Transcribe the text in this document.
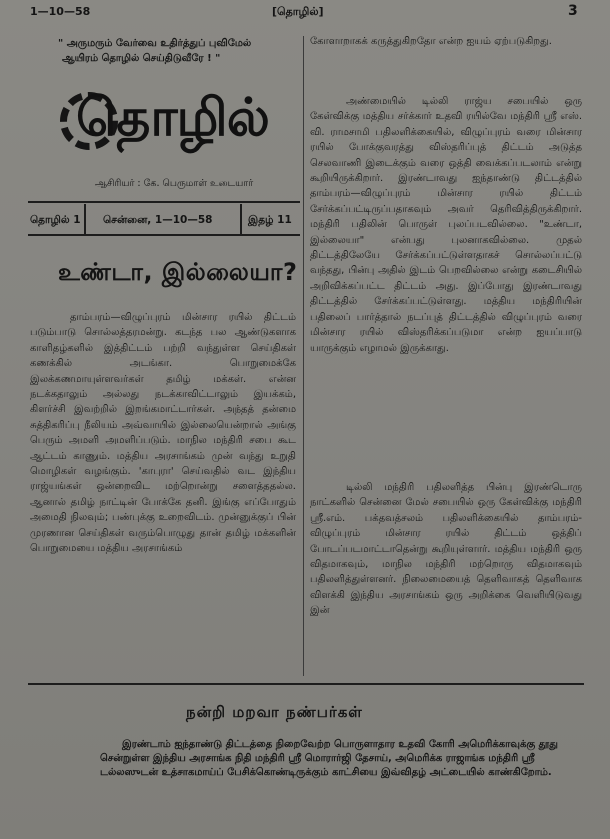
1—10—58	[தொழில்]	3
" அருமரும் வேர்வை உதிர்த்துப் புவிமேல்
ஆயிரம் தொழில் செய்திடுவீரே ! "
தொழில்
ஆசிரியர் : கே. பெருமாள் உடையார்
தொழில் 1 சென்னை, 1—10—58	இதழ் 11
உண்டா, இல்லையா?
தாம்பரம்—விழுப்புரம் மின்சார ரயில் திட்டம் படும்பாடு சொல்லத்தரமன்று. கடந்த பல ஆண்டுகளாக காளிதழ்களில் இத்திட்டம் பற்றி வந்துள்ள செய்திகள் கணக்கில் அடங்கா. பொறுமைக்கே இலக்கணமாயுள்ளவர்கள் தமிழ் மக்கள். என்ன நடக்கதாலும் அல்லது நடக்காவிட்டாலும் இயக்கம், கிளர்ச்சி இவற்றில் இறங்கமாட்டார்கள். அந்தத் தன்மை சுத்திகரிப்பு நீலியம் அவ்வாயில் இல்லையென்றால் அங்கு பெரும் அமளி அமளிப்படும். மாநில மந்திரி சபை கூட ஆட்டம் காணும். மத்திய அரசாங்கம் முன் வந்து உறுதி மொழிகள் வழங்கும். 'காபுரா' செய்வதில் வட இந்திய ராஜ்யங்கள் ஒன்றைவிட மற்றொன்று சளைத்ததல்ல. ஆனால் தமிழ் நாட்டின் போக்கே தனி. இங்கு எப்போதும் அமைதி நிலவும்; பண்புக்கு உறைவிடம். முன்னுக்குப் பின் முரணான செய்திகள் வரும்பொழுது தான் தமிழ் மக்களின் பொறுமையை மத்திய அரசாங்கம்
கோளாறாகக் கருத்துகிறதோ என்ற ஐயம் ஏற்படுகிறது.
அண்மையில் டில்லி ராஜ்ய சபையில் ஒரு கேள்விக்கு மத்திய சர்க்கார் உதவி ரயில்வே மந்திரி ஸ்ரீ எஸ். வி. ராமசாமி பதிலளிக்கையில், விழுப்புரம் வரை மின்சார ரயில் போக்குவரத்து விஸ்தரிப்புத் திட்டம் அடுத்த செலவாணி இடைக்கும் வரை ஒத்தி வைக்கப்படலாம் என்று கூறியிருக்கிறார். இரண்டாவது ஐந்தாண்டு திட்டத்தில் தாம்பரம்—விழுப்புரம் மின்சார ரயில் திட்டம் சேர்க்கப்பட்டிருப்பதாகவும் அவர் தெரிவித்திருக்கிறார். மந்திரி பதிலின் பொருள் புலப்படவில்லை. "உண்டா, இல்லையா" என்பது புலனாகவில்லை. முதல் திட்டத்திலேயே சேர்க்கப்பட்டுள்ளதாகச் சொல்லப்பட்டு வந்தது, பின்பு அதில் இடம் பெறவில்லை என்று கடைசியில் அறிவிக்கப்பட்ட திட்டம் அது. இப்போது இரண்டாவது திட்டத்தில் சேர்க்கப்பட்டுள்ளது. மத்திய மந்திரியின் பதிலைப் பார்த்தால் நடப்புத் திட்டத்தில் விழுப்புரம் வரை மின்சார ரயில் விஸ்தரிக்கப்படுமா என்ற ஐயப்பாடு யாருக்கும் எழாமல் இருக்காது.
டில்லி மந்திரி பதிலளித்த பின்பு இரண்டொரு நாட்களில் சென்னை மேல் சபையில் ஒரு கேள்விக்கு மந்திரி ஸ்ரீ.எம். பக்தவத்சலம் பதிலளிக்கையில் தாம்பரம்-விழுப்புரம் மின்சார ரயில் திட்டம் ஒத்திப் போடப்படமாட்டாதென்று கூறியுள்ளார். மத்திய மந்திரி ஒரு விதமாகவும், மாநில மந்திரி மற்றொரு விதமாகவும் பதிலளித்துள்ளனர். நிலைமையைத் தெளிவாகத் தெளிவாக விளக்கி இந்திய அரசாங்கம் ஒரு அறிக்கை வெளியிடுவது இன்
நன்றி மறவா நண்பர்கள்
இரண்டாம் ஐந்தாண்டு திட்டத்தை நிறைவேற்ற பொருளாதார உதவி கோரி அமெரிக்காவுக்கு தூது சென்றுள்ள இந்திய அரசாங்க நிதி மந்திரி ஸ்ரீ மொரார்ஜி தேசாய், அமெரிக்க ராஜாங்க மந்திரி ஸ்ரீ டல்லஸுடன் உத்சாகமாய்ப் பேசிக்கொண்டிருக்கும் காட்சியை இவ்விதழ் அட்டையில் காண்கிறோம்.
